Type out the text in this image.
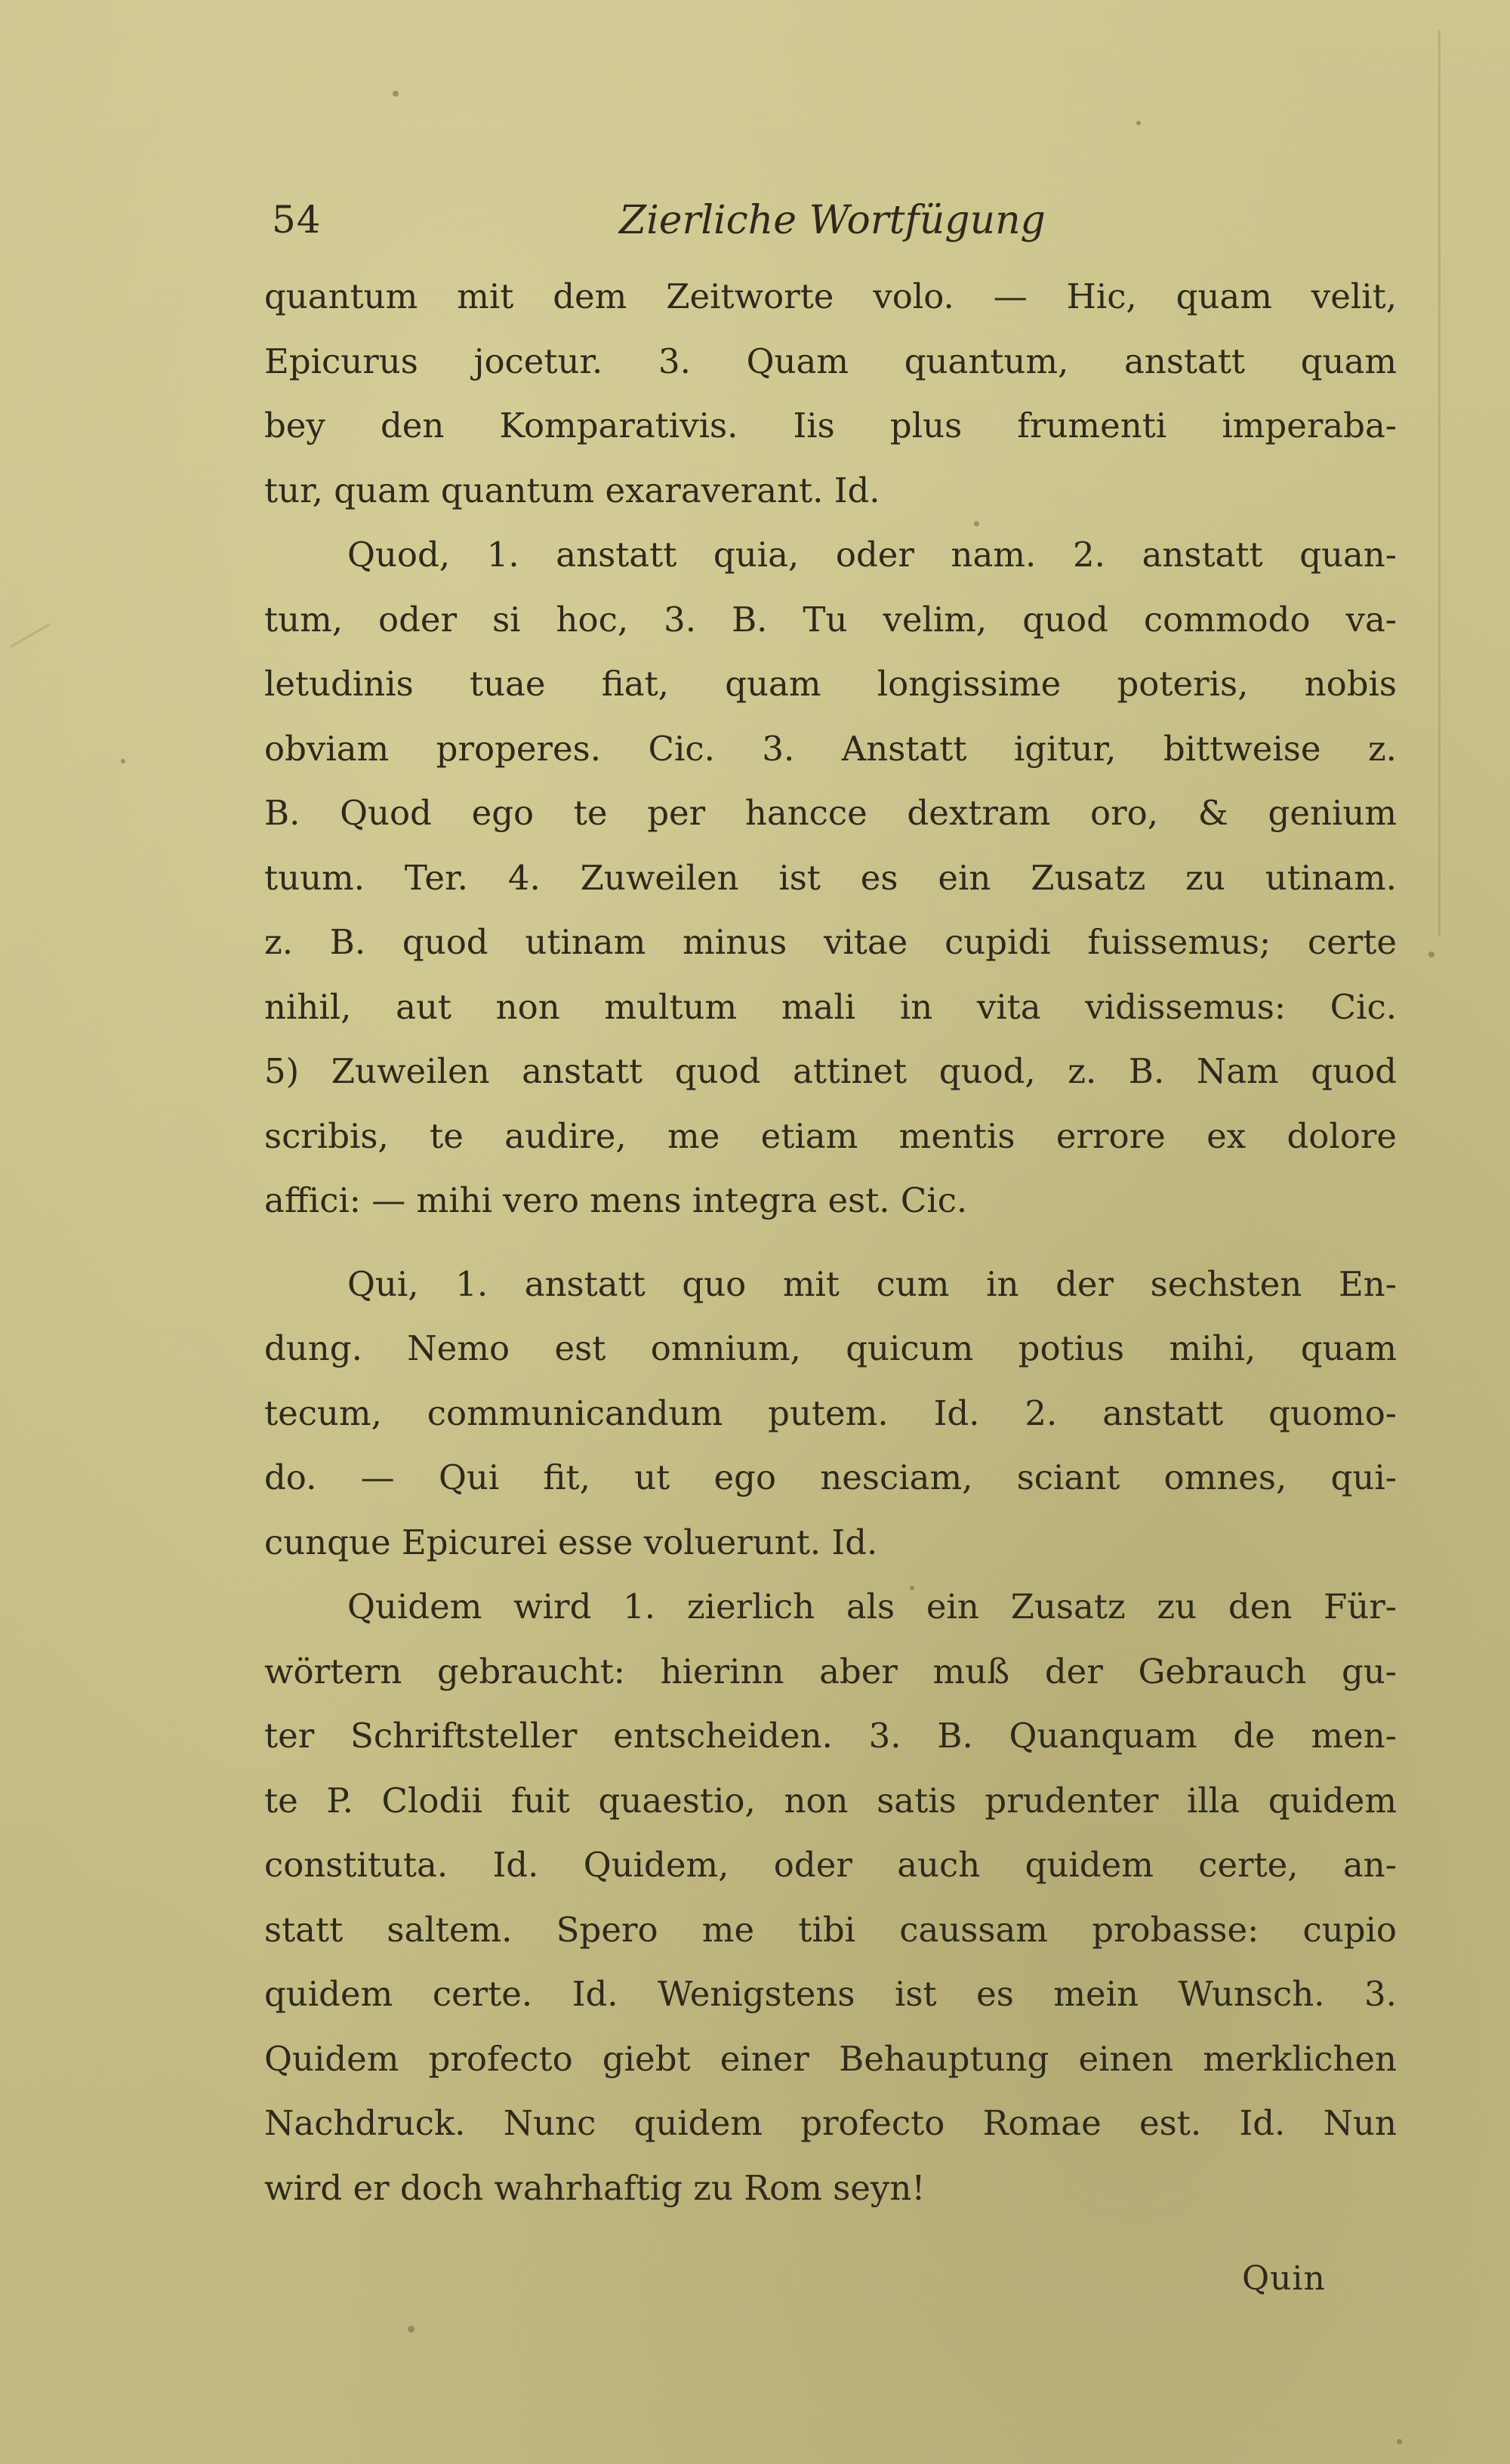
54	Zierliche Wortfügung
quantum mit dem Zeitworte volo. — Hic, quam velit,
Epicurus jocetur. 3. Quam quantum, anstatt quam
bey den Komparativis. Iis plus frumenti imperaba-
tur, quam quantum exaraverant. Id.
Quod, 1. anstatt quia, oder nam. 2. anstatt quan-
tum, oder si hoc, 3. B. Tu velim, quod commodo va-
letudinis tuae fiat, quam longissime poteris, nobis
obviam properes. Cic. 3. Anstatt igitur, bittweise z.
B. Quod ego te per hancce dextram oro, & genium
tuum. Ter. 4. Zuweilen ist es ein Zusatz zu utinam.
z. B. quod utinam minus vitae cupidi fuissemus; certe
nihil, aut non multum mali in vita vidissemus: Cic.
5) Zuweilen anstatt quod attinet quod, z. B. Nam quod
scribis, te audire, me etiam mentis errore ex dolore
affici: — mihi vero mens integra est. Cic.
Qui, 1. anstatt quo mit cum in der sechsten En-
dung. Nemo est omnium, quicum potius mihi, quam
tecum, communicandum putem. Id. 2. anstatt quomo-
do. — Qui fit, ut ego nesciam, sciant omnes, qui-
cunque Epicurei esse voluerunt. Id.
Quidem wird 1. zierlich als ein Zusatz zu den Für-
wörtern gebraucht: hierinn aber muß der Gebrauch gu-
ter Schriftsteller entscheiden. 3. B. Quanquam de men-
te P. Clodii fuit quaestio, non satis prudenter illa quidem
constituta. Id. Quidem, oder auch quidem certe, an-
statt saltem. Spero me tibi caussam probasse: cupio
quidem certe. Id. Wenigstens ist es mein Wunsch. 3.
Quidem profecto giebt einer Behauptung einen merklichen
Nachdruck. Nunc quidem profecto Romae est. Id. Nun
wird er doch wahrhaftig zu Rom seyn!
Quin
